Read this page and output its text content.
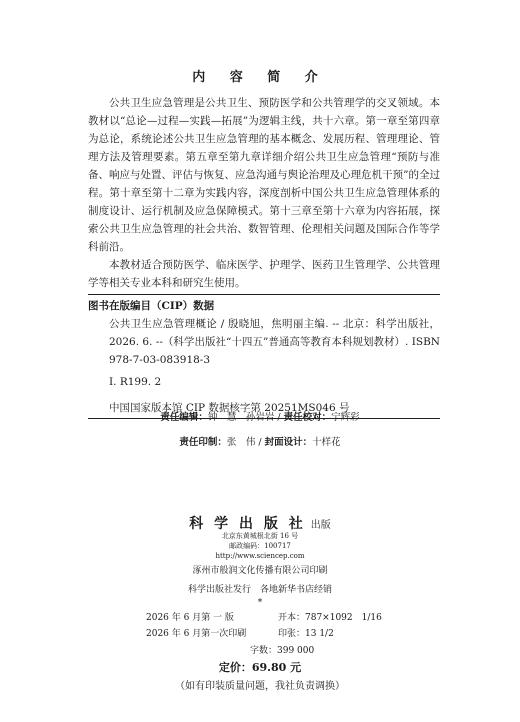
内 容 简 介

公共卫生应急管理是公共卫生、预防医学和公共管理学的交叉领域。本教材以“总论—过程—实践—拓展”为逻辑主线，共十六章。第一章至第四章为总论，系统论述公共卫生应急管理的基本概念、发展历程、管理理论、管理方法及管理要素。第五章至第九章详细介绍公共卫生应急管理“预防与准备、响应与处置、评估与恢复、应急沟通与舆论治理及心理危机干预”的全过程。第十章至第十二章为实践内容，深度剖析中国公共卫生应急管理体系的制度设计、运行机制及应急保障模式。第十三章至第十六章为内容拓展，探索公共卫生应急管理的社会共治、数智管理、伦理相关问题及国际合作等学科前沿。

本教材适合预防医学、临床医学、护理学、医药卫生管理学、公共管理学等相关专业本科和研究生使用。

图书在版编目（CIP）数据
公共卫生应急管理概论 / 殷晓旭，焦明丽主编. -- 北京：科学出版社，2026. 6. --（科学出版社“十四五”普通高等教育本科规划教材）. ISBN 978-7-03-083918-3
Ⅰ. R199. 2
中国国家版本馆 CIP 数据核字第 20251MS046 号
责任编辑：钟　慧　孙岩岩 / 责任校对：宁辉彩
责任印制：张　伟 / 封面设计：十样花
科 学 出 版 社 出版
北京东黄城根北街 16 号
邮政编码：100717
http://www.sciencep.com
涿州市般润文化传播有限公司印刷
科学出版社发行　各地新华书店经销
*
2026 年 6 月第 一 版	开本：787×1092　1/16
2026 年 6 月第一次印刷	印张：13 1/2
字数：399 000
定价：69.80 元
（如有印装质量问题，我社负责调换）
